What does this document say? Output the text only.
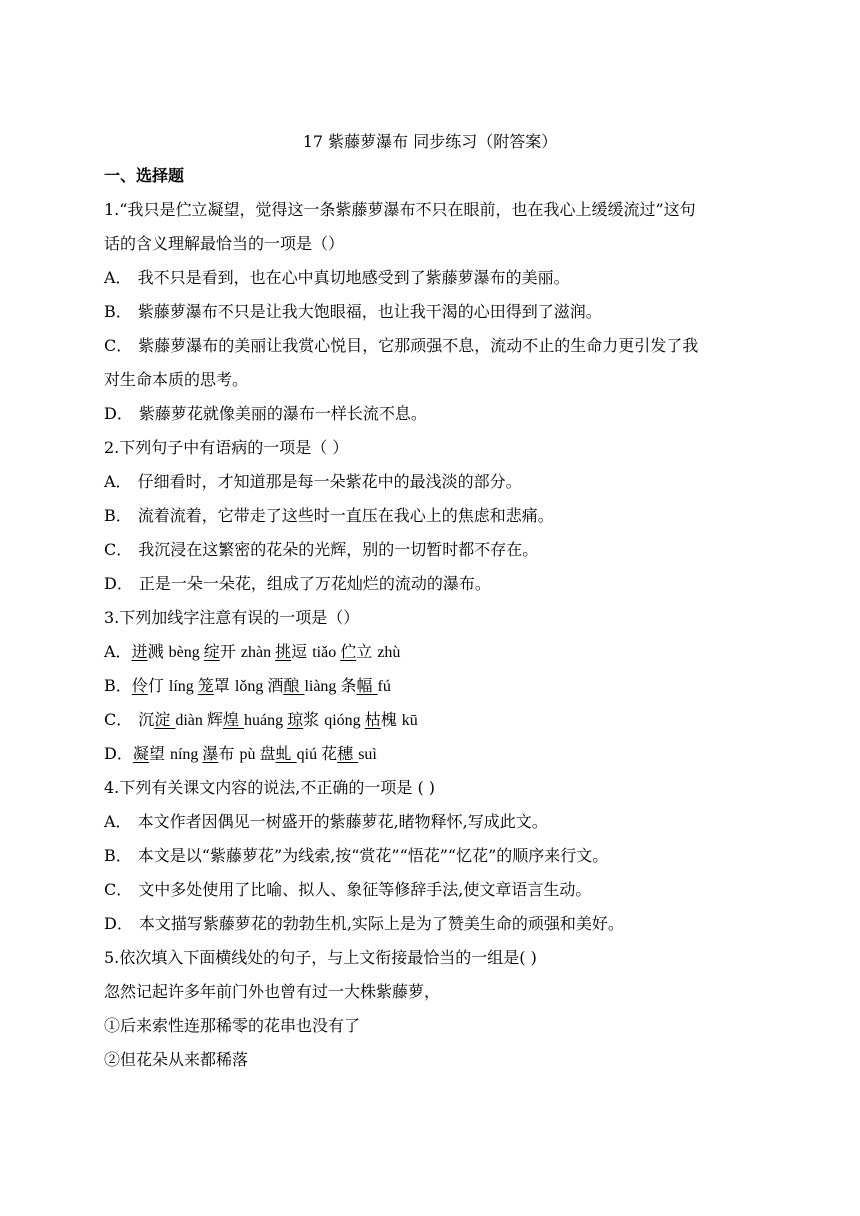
17 紫藤萝瀑布 同步练习（附答案）
一、选择题
1.“我只是伫立凝望，觉得这一条紫藤萝瀑布不只在眼前，也在我心上缓缓流过”这句
话的含义理解最恰当的一项是（）
A． 我不只是看到，也在心中真切地感受到了紫藤萝瀑布的美丽。
B． 紫藤萝瀑布不只是让我大饱眼福，也让我干渴的心田得到了滋润。
C． 紫藤萝瀑布的美丽让我赏心悦目，它那顽强不息，流动不止的生命力更引发了我
对生命本质的思考。
D． 紫藤萝花就像美丽的瀑布一样长流不息。
2.下列句子中有语病的一项是（ ）
A． 仔细看时，才知道那是每一朵紫花中的最浅淡的部分。
B． 流着流着，它带走了这些时一直压在我心上的焦虑和悲痛。
C． 我沉浸在这繁密的花朵的光辉，别的一切暂时都不存在。
D． 正是一朵一朵花，组成了万花灿烂的流动的瀑布。
3.下列加线字注意有误的一项是（）
A．迸溅 bèng 绽开 zhàn 挑逗 tiǎo 伫立 zhù
B．伶仃 líng 笼罩 lǒng 酒酿 liàng 条幅 fú
C． 沉淀 diàn 辉煌 huáng 琼浆 qióng 枯槐 kū
D．凝望 níng 瀑布 pù 盘虬 qiú 花穗 suì
4.下列有关课文内容的说法,不正确的一项是 ( )
A． 本文作者因偶见一树盛开的紫藤萝花,睹物释怀,写成此文。
B． 本文是以“紫藤萝花”为线索,按“赏花”“悟花”“忆花”的顺序来行文。
C． 文中多处使用了比喻、拟人、象征等修辞手法,使文章语言生动。
D． 本文描写紫藤萝花的勃勃生机,实际上是为了赞美生命的顽强和美好。
5.依次填入下面横线处的句子，与上文衔接最恰当的一组是( )
忽然记起许多年前门外也曾有过一大株紫藤萝，
①后来索性连那稀零的花串也没有了
②但花朵从来都稀落
